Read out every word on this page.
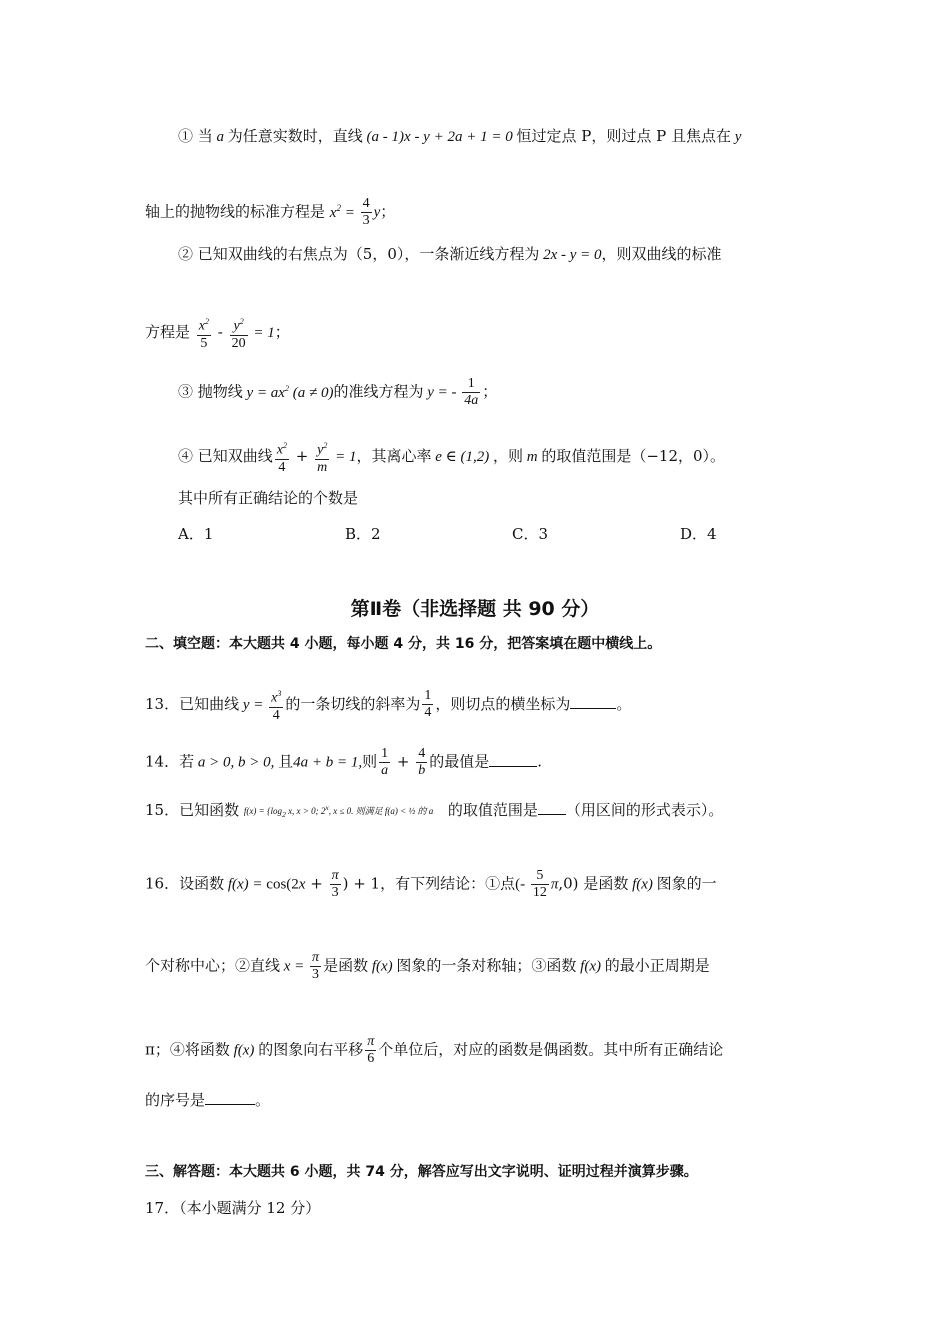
① 当 a 为任意实数时，直线 (a - 1)x - y + 2a + 1 = 0 恒过定点 P，则过点 P 且焦点在 y
轴上的抛物线的标准方程是 $x^2 = \frac{4}{3}$ y；
② 已知双曲线的右焦点为（5，0），一条渐近线方程为 2x - y = 0，则双曲线的标准
方程是 $\frac{x^2}{5} - \frac{y^2}{20} = 1$；
③ 抛物线 $y = ax^2$ (a ≠ 0)的准线方程为 y = - $\frac{1}{4a}$ ；
④ 已知双曲线 $\frac{x^2}{4} + \frac{y^2}{m} = 1$，其离心率 e ∈ (1,2) ，则 m 的取值范围是（−12，0）。
其中所有正确结论的个数是
A．1	B．2	C．3	D．4
第Ⅱ卷（非选择题 共 90 分）
二、填空题：本大题共 4 小题，每小题 4 分，共 16 分，把答案填在题中横线上。
13．已知曲线 $y = \frac{x^3}{4}$ 的一条切线的斜率为 $\frac{1}{4}$ ，则切点的横坐标为	。
14．若 a > 0, b > 0, 且4a + b = 1,则 $\frac{1}{a} + \frac{4}{b}$ 的最值是	.
15．已知函数 $f(x) = \{\log_2$ x, x > 0; 2$^x$, x ≤ 0. 则满足 f(a) < ½ 的 a 的取值范围是 （用区间的形式表示）。
16．设函数 $f(x) = \cos(2x + \frac{\pi}{3}$ ) + 1，有下列结论：①点(- $\frac{5}{12} \pi,0$) 是函数 f(x) 图象的一
个对称中心；②直线 $x = \frac{\pi}{3}$ 是函数 f(x) 图象的一条对称轴；③函数 f(x) 的最小正周期是
π；④将函数 f(x) 的图象向右平移 $\frac{\pi}{6}$ 个单位后，对应的函数是偶函数。其中所有正确结论
的序号是	。
三、解答题：本大题共 6 小题，共 74 分，解答应写出文字说明、证明过程并演算步骤。
17．（本小题满分 12 分）
